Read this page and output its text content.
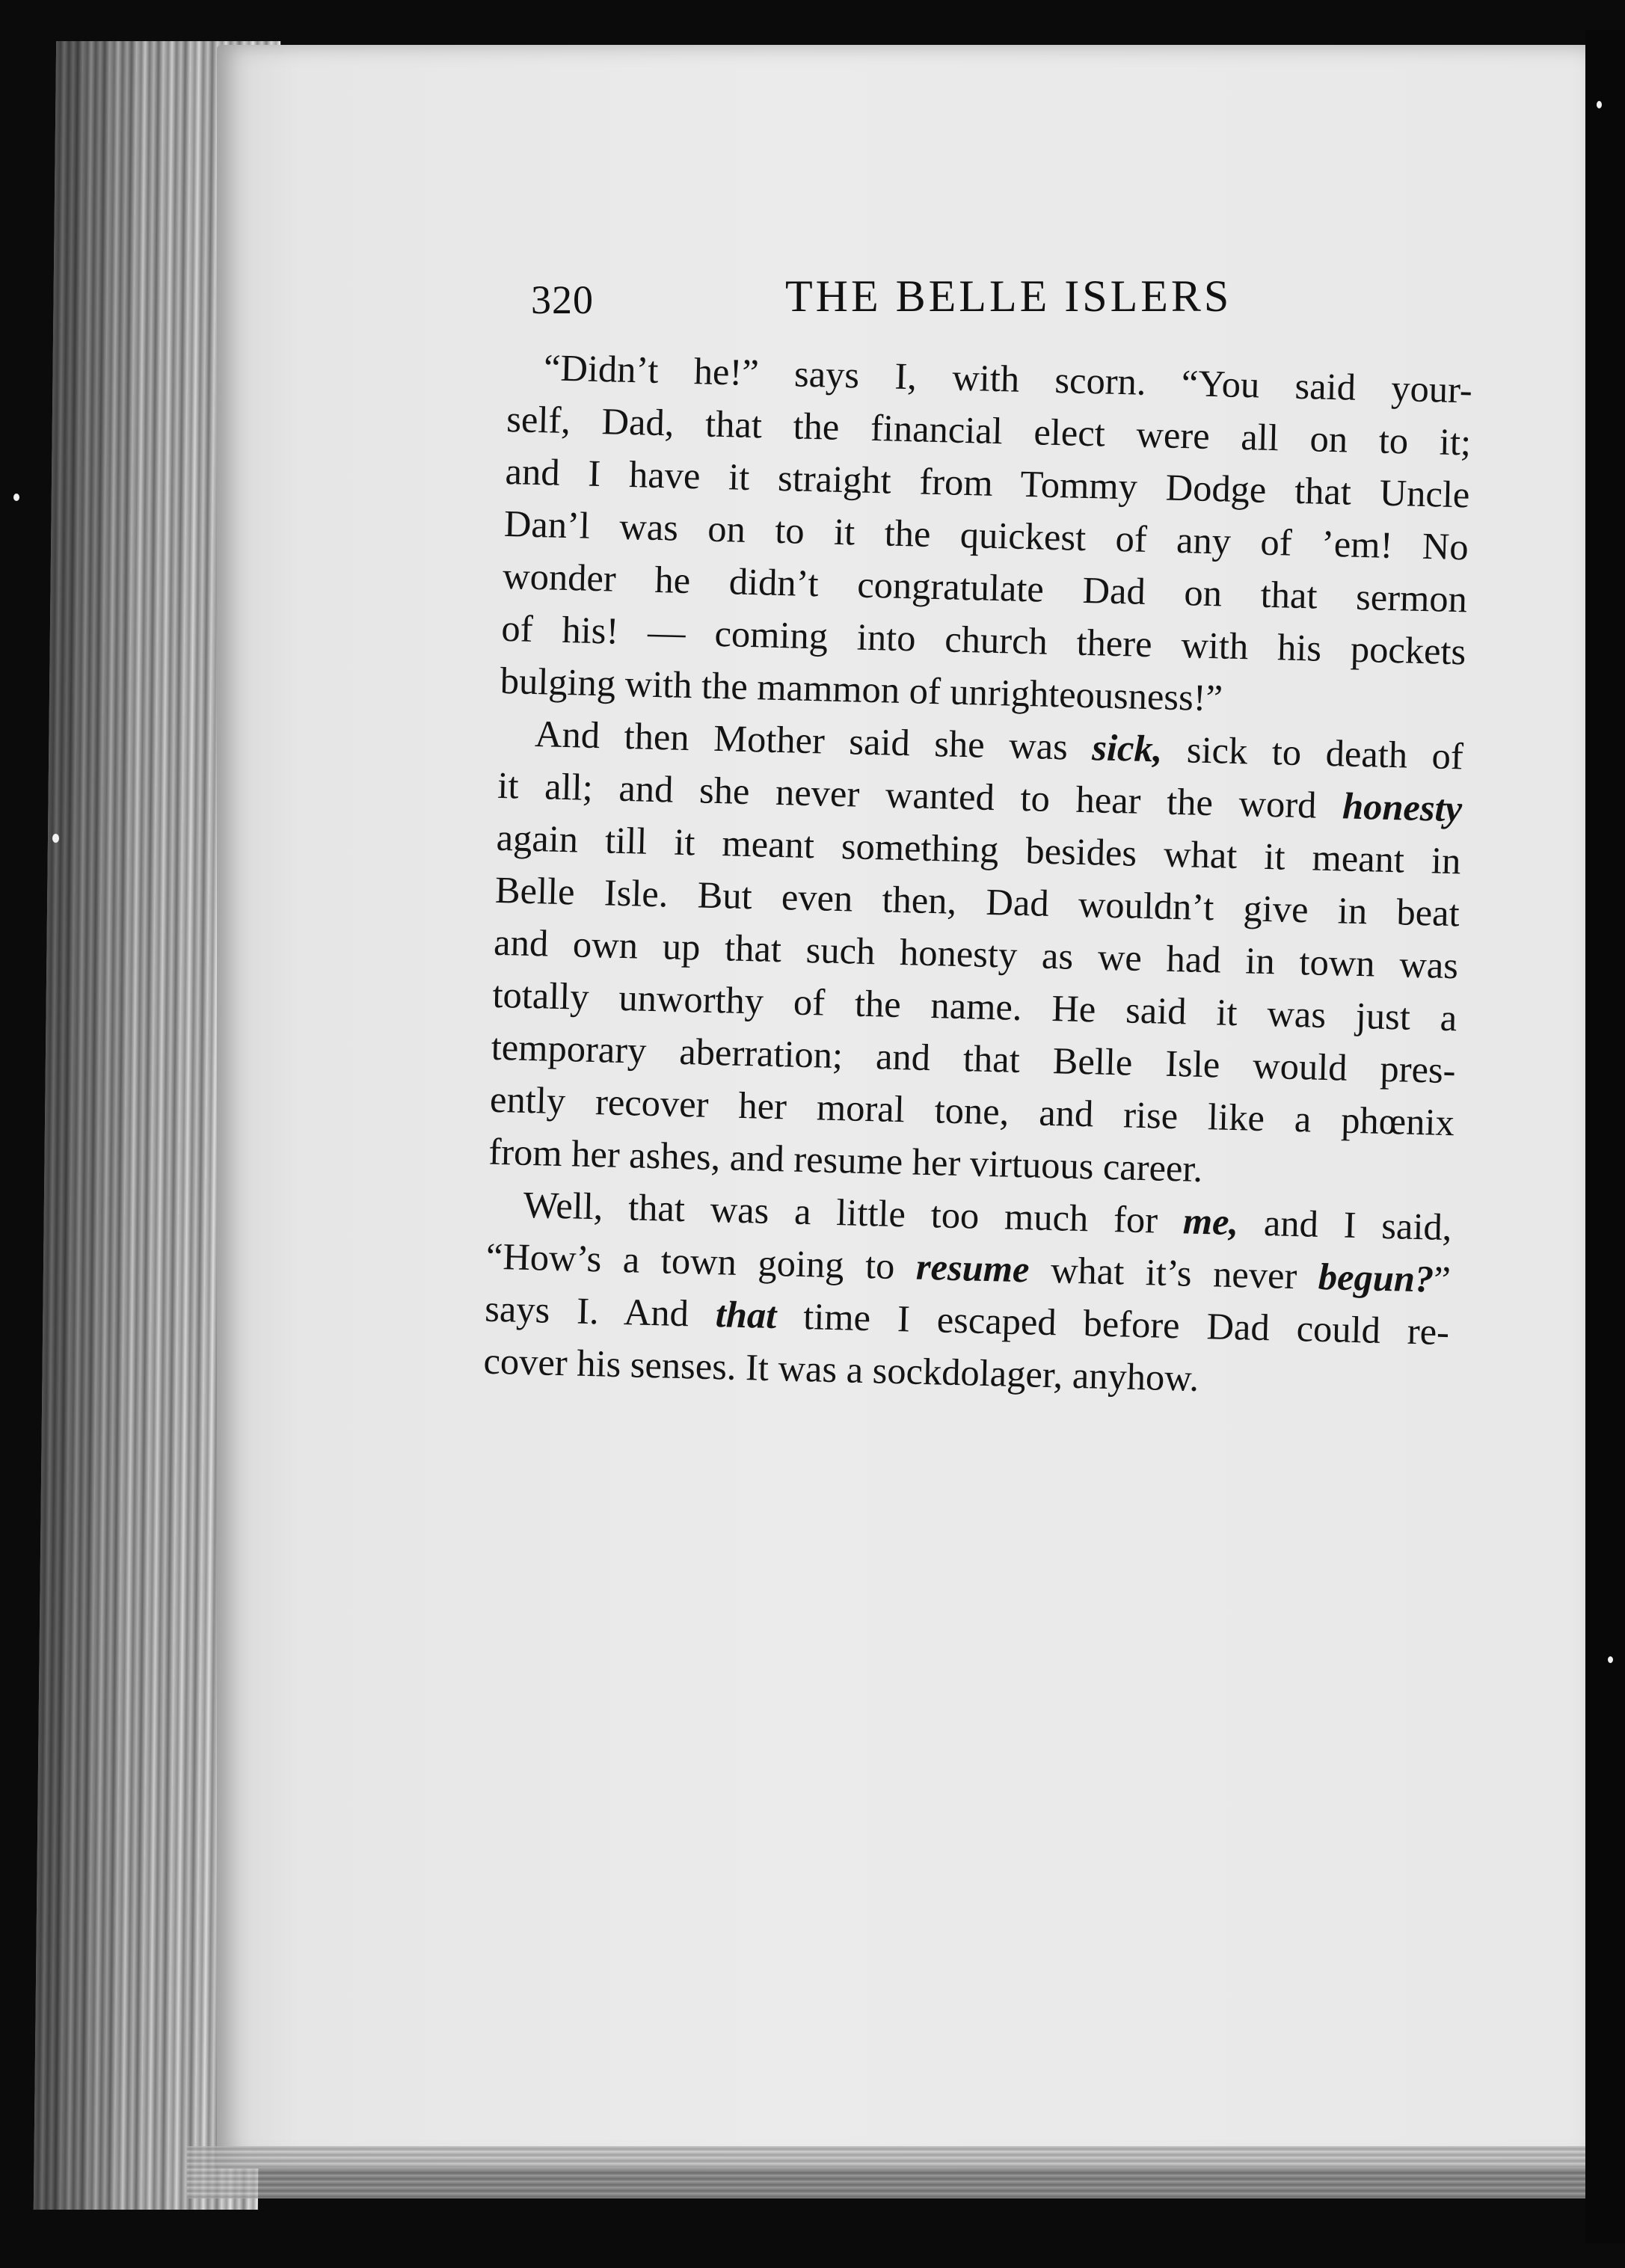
320	THE BELLE ISLERS
“Didn’t he!” says I, with scorn. “You said your-
self, Dad, that the financial elect were all on to it;
and I have it straight from Tommy Dodge that Uncle
Dan’l was on to it the quickest of any of ’em! No
wonder he didn’t congratulate Dad on that sermon
of his! — coming into church there with his pockets
bulging with the mammon of unrighteousness!”
And then Mother said she was sick, sick to death of
it all; and she never wanted to hear the word honesty
again till it meant something besides what it meant in
Belle Isle. But even then, Dad wouldn’t give in beat
and own up that such honesty as we had in town was
totally unworthy of the name. He said it was just a
temporary aberration; and that Belle Isle would pres-
ently recover her moral tone, and rise like a phœnix
from her ashes, and resume her virtuous career.
Well, that was a little too much for me, and I said,
“How’s a town going to resume what it’s never begun?”
says I. And that time I escaped before Dad could re-
cover his senses. It was a sockdolager, anyhow.
